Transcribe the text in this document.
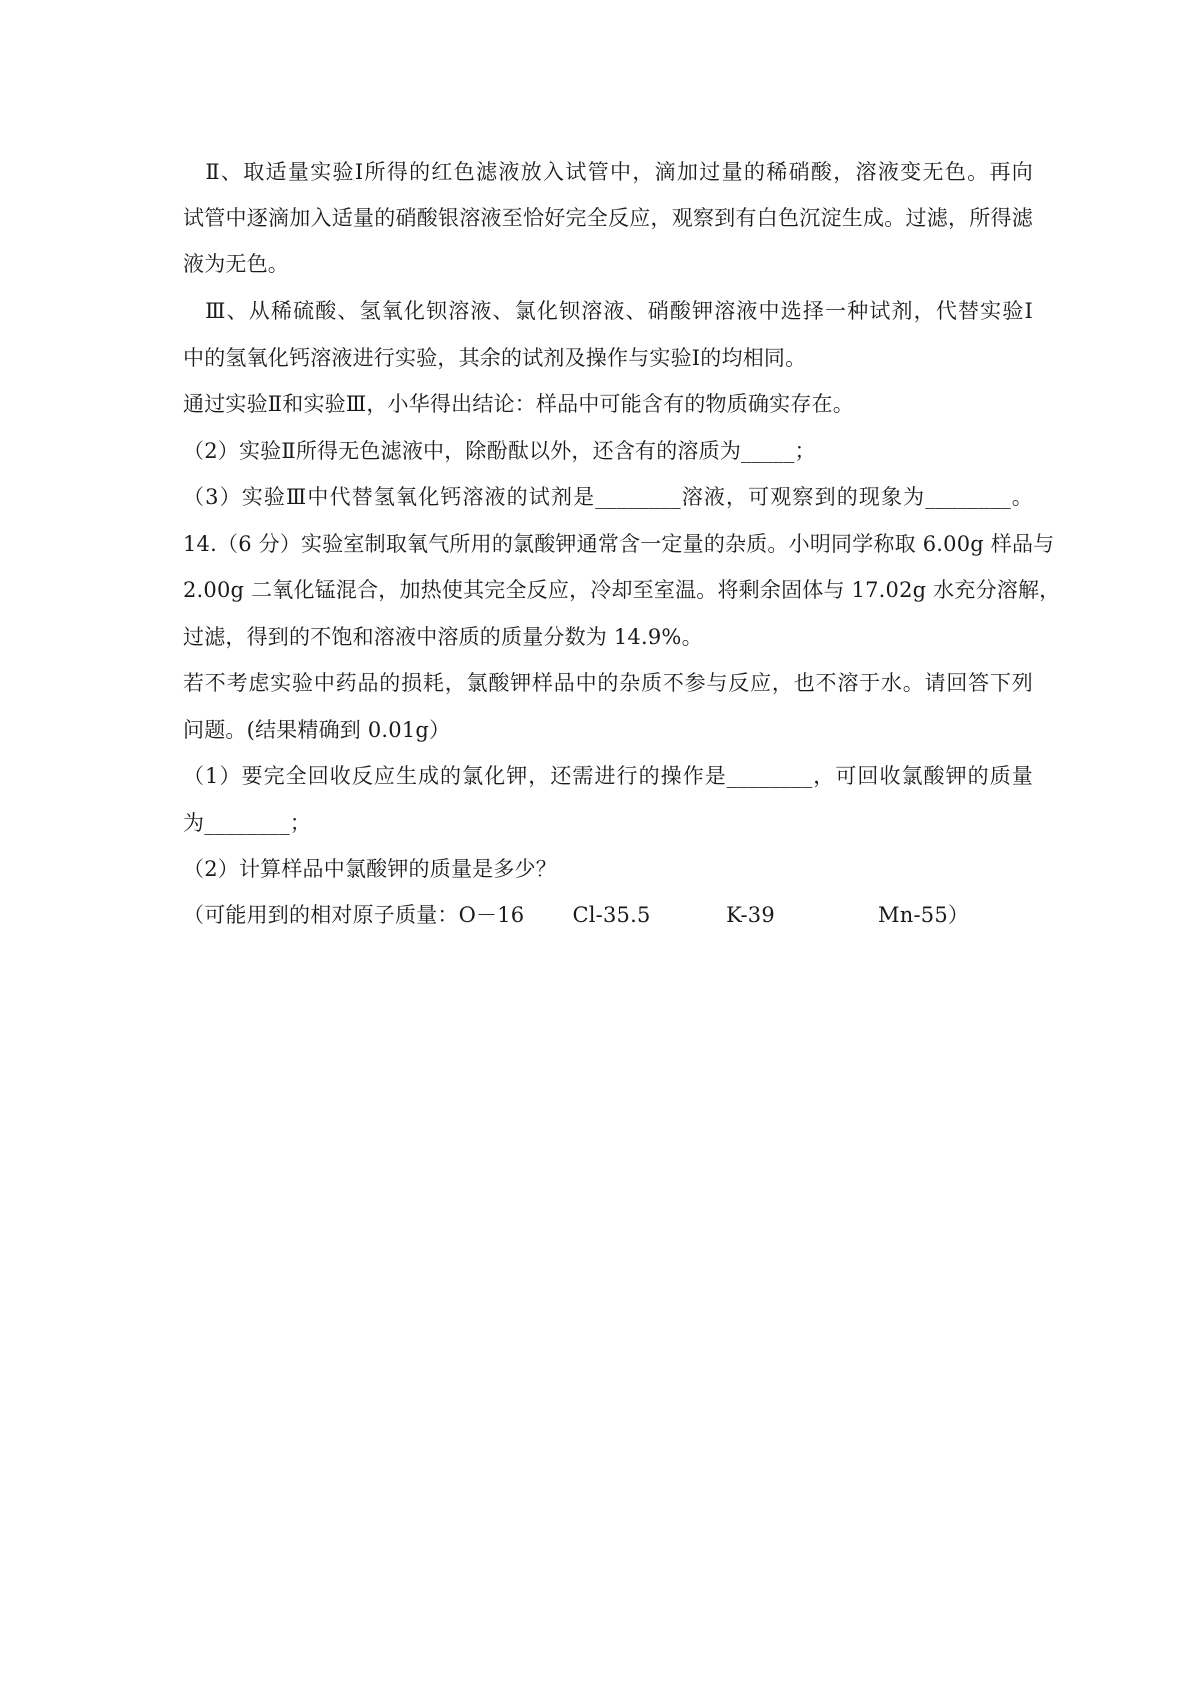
　Ⅱ、取适量实验Ⅰ所得的红色滤液放入试管中，滴加过量的稀硝酸，溶液变无色。再向
试管中逐滴加入适量的硝酸银溶液至恰好完全反应，观察到有白色沉淀生成。过滤，所得滤
液为无色。
　Ⅲ、从稀硫酸、氢氧化钡溶液、氯化钡溶液、硝酸钾溶液中选择一种试剂，代替实验Ⅰ
中的氢氧化钙溶液进行实验，其余的试剂及操作与实验Ⅰ的均相同。
通过实验Ⅱ和实验Ⅲ，小华得出结论：样品中可能含有的物质确实存在。
（2）实验Ⅱ所得无色滤液中，除酚酞以外，还含有的溶质为_____；
（3）实验Ⅲ中代替氢氧化钙溶液的试剂是________溶液，可观察到的现象为________。
14.（6 分）实验室制取氧气所用的氯酸钾通常含一定量的杂质。小明同学称取 6.00g 样品与
2.00g 二氧化锰混合，加热使其完全反应，冷却至室温。将剩余固体与 17.02g 水充分溶解，
过滤，得到的不饱和溶液中溶质的质量分数为 14.9%。
若不考虑实验中药品的损耗，氯酸钾样品中的杂质不参与反应，也不溶于水。请回答下列
问题。(结果精确到 0.01g）
（1）要完全回收反应生成的氯化钾，还需进行的操作是________，可回收氯酸钾的质量
为________；
（2）计算样品中氯酸钾的质量是多少？
（可能用到的相对原子质量：O－16       Cl-35.5           K-39               Mn-55）
